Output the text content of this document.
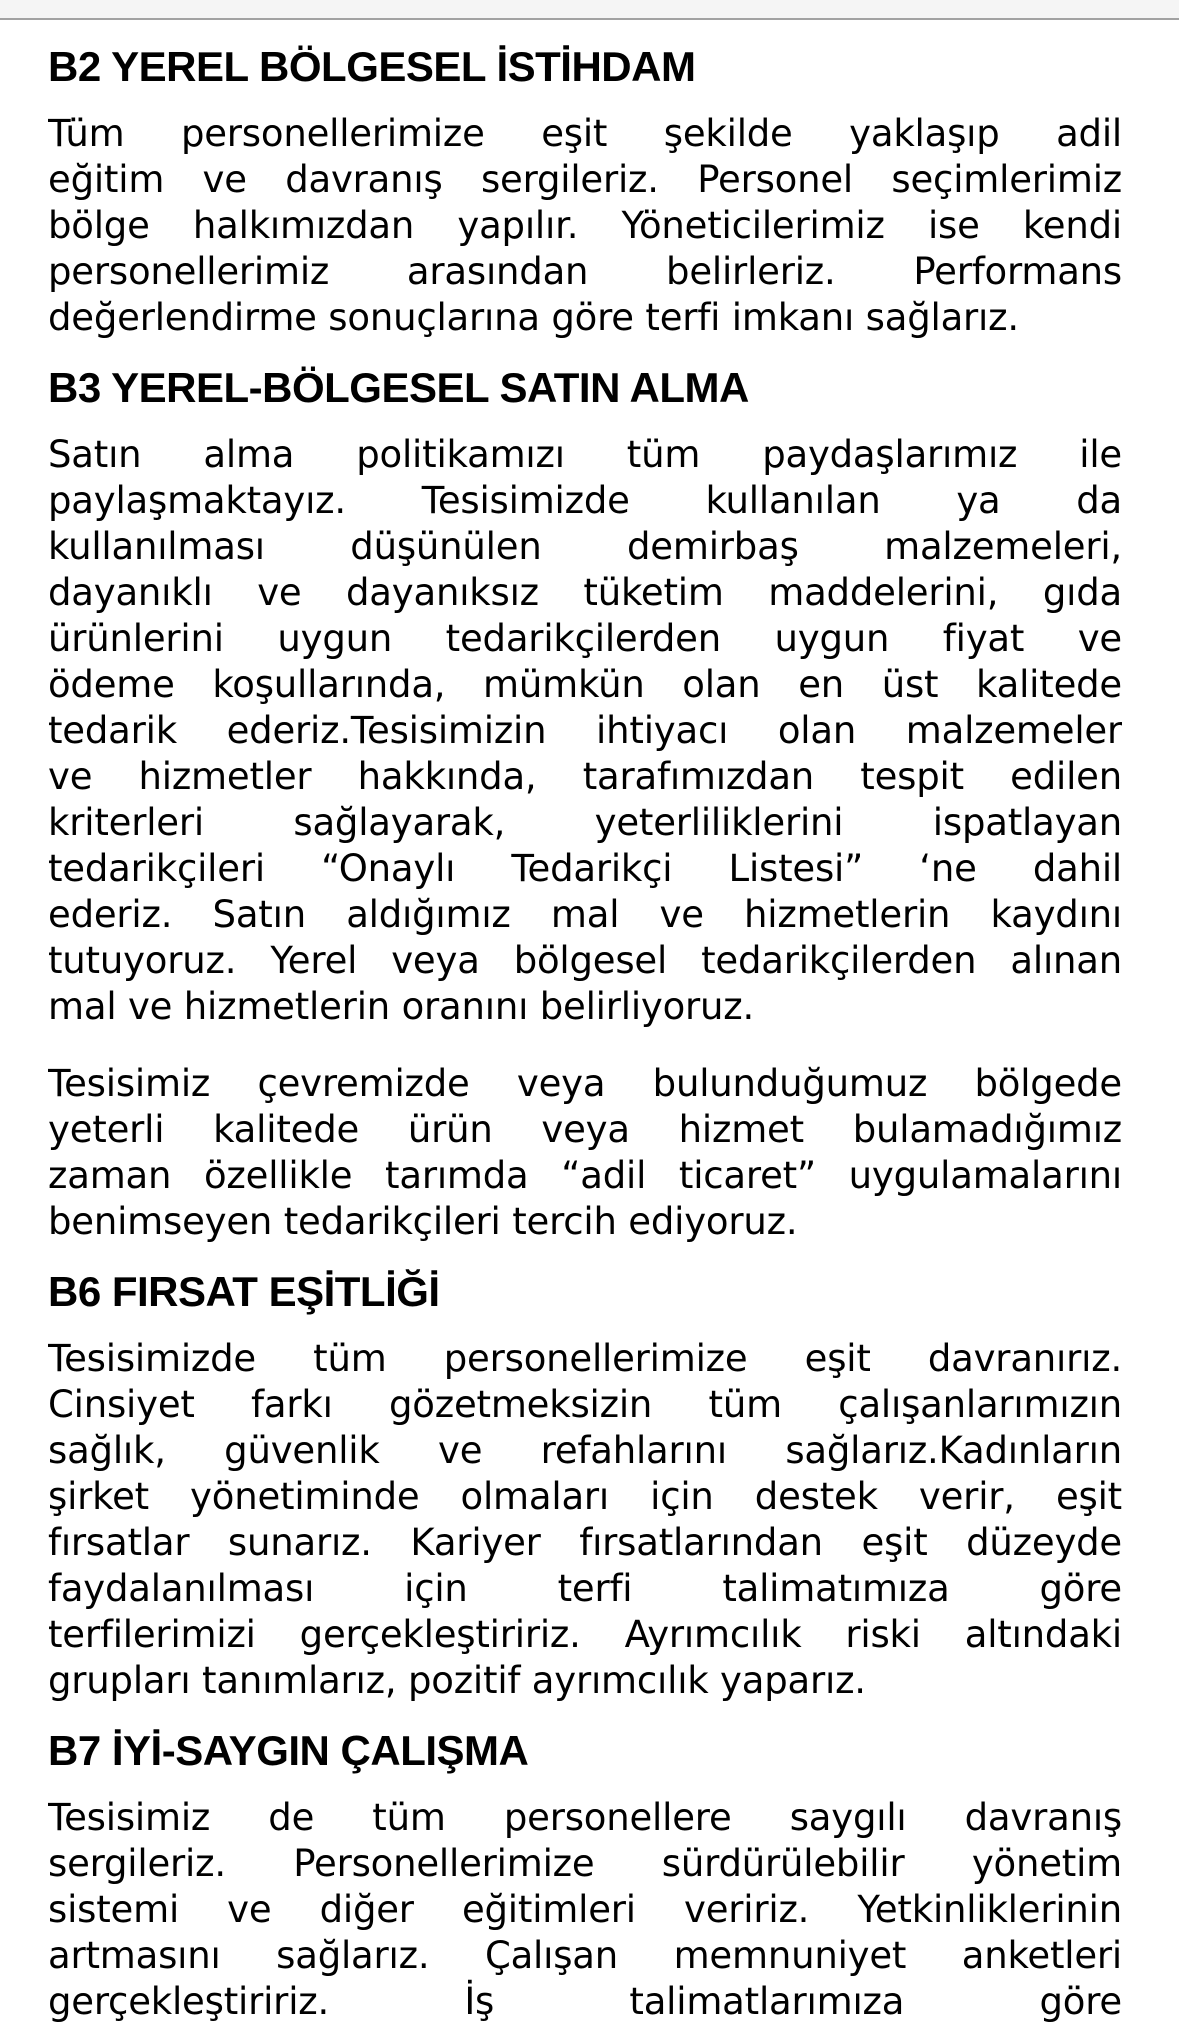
B2 YEREL BÖLGESEL İSTİHDAM
Tüm personellerimize eşit şekilde yaklaşıp adil
eğitim ve davranış sergileriz. Personel seçimlerimiz
bölge halkımızdan yapılır. Yöneticilerimiz ise kendi
personellerimiz arasından belirleriz. Performans
değerlendirme sonuçlarına göre terfi imkanı sağlarız.
B3 YEREL-BÖLGESEL SATIN ALMA
Satın alma politikamızı tüm paydaşlarımız ile
paylaşmaktayız. Tesisimizde kullanılan ya da
kullanılması düşünülen demirbaş malzemeleri,
dayanıklı ve dayanıksız tüketim maddelerini, gıda
ürünlerini uygun tedarikçilerden uygun fiyat ve
ödeme koşullarında, mümkün olan en üst kalitede
tedarik ederiz.Tesisimizin ihtiyacı olan malzemeler
ve hizmetler hakkında, tarafımızdan tespit edilen
kriterleri sağlayarak, yeterliliklerini ispatlayan
tedarikçileri “Onaylı Tedarikçi Listesi” ‘ne dahil
ederiz. Satın aldığımız mal ve hizmetlerin kaydını
tutuyoruz. Yerel veya bölgesel tedarikçilerden alınan
mal ve hizmetlerin oranını belirliyoruz.
Tesisimiz çevremizde veya bulunduğumuz bölgede
yeterli kalitede ürün veya hizmet bulamadığımız
zaman özellikle tarımda “adil ticaret” uygulamalarını
benimseyen tedarikçileri tercih ediyoruz.
B6 FIRSAT EŞİTLİĞİ
Tesisimizde tüm personellerimize eşit davranırız.
Cinsiyet farkı gözetmeksizin tüm çalışanlarımızın
sağlık, güvenlik ve refahlarını sağlarız.Kadınların
şirket yönetiminde olmaları için destek verir, eşit
fırsatlar sunarız. Kariyer fırsatlarından eşit düzeyde
faydalanılması için terfi talimatımıza göre
terfilerimizi gerçekleştiririz. Ayrımcılık riski altındaki
grupları tanımlarız, pozitif ayrımcılık yaparız.
B7 İYİ-SAYGIN ÇALIŞMA
Tesisimiz de tüm personellere saygılı davranış
sergileriz. Personellerimize sürdürülebilir yönetim
sistemi ve diğer eğitimleri veririz. Yetkinliklerinin
artmasını sağlarız. Çalışan memnuniyet anketleri
gerçekleştiririz. İş talimatlarımıza göre
